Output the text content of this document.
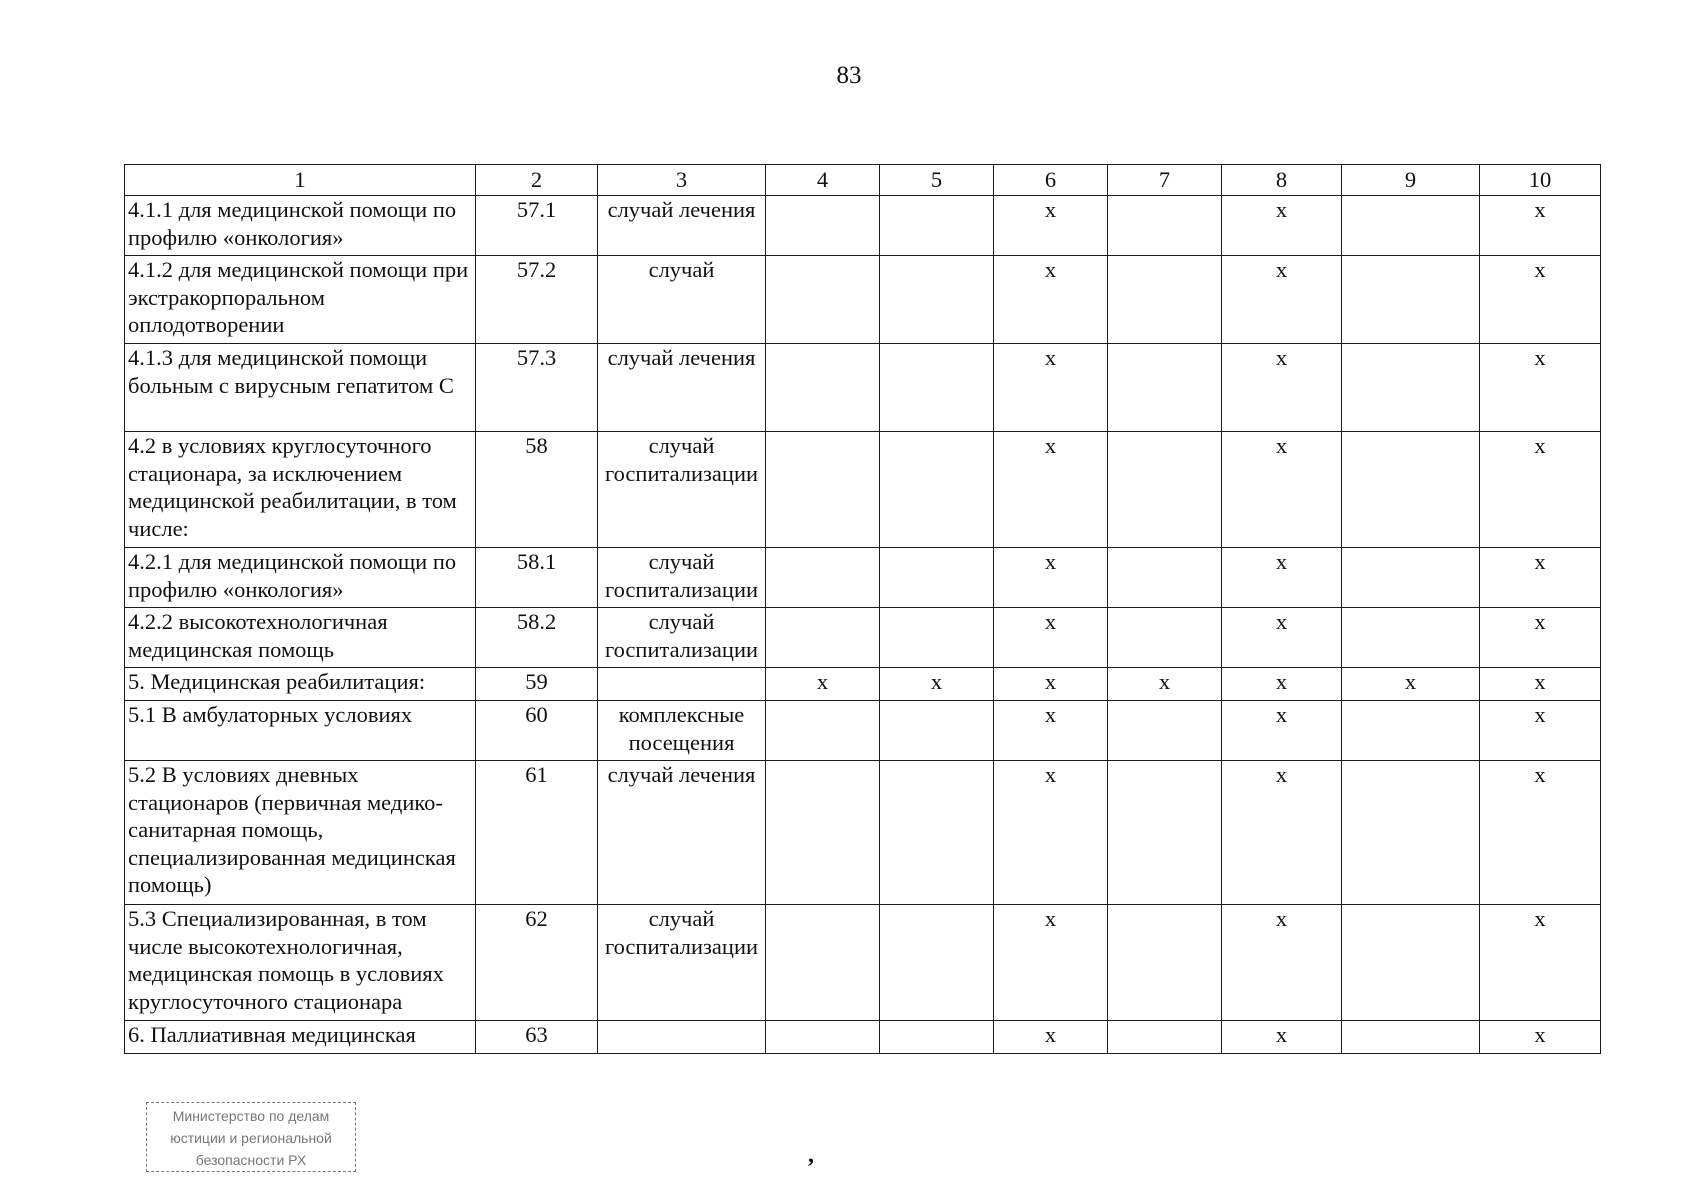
83
1	2	3	4	5	6	7	8	9	10
4.1.1 для медицинской помощи по профилю «онкология»	57.1	случай лечения			х		х		х
4.1.2 для медицинской помощи при экстракорпоральном оплодотворении	57.2	случай			х		х		х
4.1.3 для медицинской помощи больным с вирусным гепатитом С	57.3	случай лечения			х		х		х
4.2 в условиях круглосуточного стационара, за исключением медицинской реабилитации, в том числе:	58	случай госпитализации			х		х		х
4.2.1 для медицинской помощи по профилю «онкология»	58.1	случай госпитализации			х		х		х
4.2.2 высокотехнологичная медицинская помощь	58.2	случай госпитализации			х		х		х
5. Медицинская реабилитация:	59		х	х	х	х	х	х	х
5.1 В амбулаторных условиях	60	комплексные посещения			х		х		х
5.2 В условиях дневных стационаров (первичная медико-санитарная помощь, специализированная медицинская помощь)	61	случай лечения			х		х		х
5.3 Специализированная, в том числе высокотехнологичная, медицинская помощь в условиях круглосуточного стационара	62	случай госпитализации			х		х		х
6. Паллиативная медицинская	63				х		х		х
Министерство по делам
юстиции и региональной
безопасности РХ	,
